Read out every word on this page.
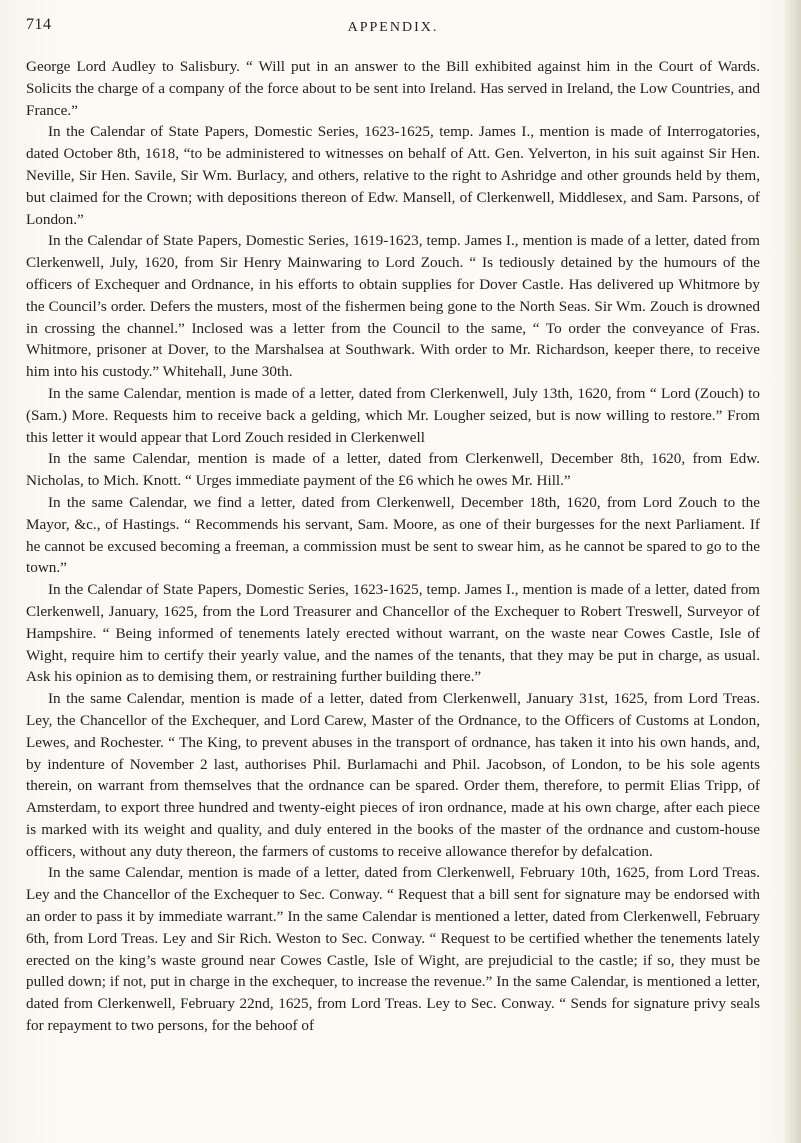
714	APPENDIX.

George Lord Audley to Salisbury. “ Will put in an answer to the Bill exhibited against him in the Court of Wards. Solicits the charge of a company of the force about to be sent into Ireland. Has served in Ireland, the Low Countries, and France.”

In the Calendar of State Papers, Domestic Series, 1623-1625, temp. James I., mention is made of Interrogatories, dated October 8th, 1618, “to be administered to witnesses on behalf of Att. Gen. Yelverton, in his suit against Sir Hen. Neville, Sir Hen. Savile, Sir Wm. Burlacy, and others, relative to the right to Ashridge and other grounds held by them, but claimed for the Crown; with depositions thereon of Edw. Mansell, of Clerkenwell, Middlesex, and Sam. Parsons, of London.”

In the Calendar of State Papers, Domestic Series, 1619-1623, temp. James I., mention is made of a letter, dated from Clerkenwell, July, 1620, from Sir Henry Mainwaring to Lord Zouch. “ Is tediously detained by the humours of the officers of Exchequer and Ordnance, in his efforts to obtain supplies for Dover Castle. Has delivered up Whitmore by the Council’s order. Defers the musters, most of the fishermen being gone to the North Seas. Sir Wm. Zouch is drowned in crossing the channel.” Inclosed was a letter from the Council to the same, “ To order the conveyance of Fras. Whitmore, prisoner at Dover, to the Marshalsea at Southwark. With order to Mr. Richardson, keeper there, to receive him into his custody.” Whitehall, June 30th.

In the same Calendar, mention is made of a letter, dated from Clerkenwell, July 13th, 1620, from “ Lord (Zouch) to (Sam.) More. Requests him to receive back a gelding, which Mr. Lougher seized, but is now willing to restore.” From this letter it would appear that Lord Zouch resided in Clerkenwell

In the same Calendar, mention is made of a letter, dated from Clerkenwell, December 8th, 1620, from Edw. Nicholas, to Mich. Knott. “ Urges immediate payment of the £6 which he owes Mr. Hill.”

In the same Calendar, we find a letter, dated from Clerkenwell, December 18th, 1620, from Lord Zouch to the Mayor, &c., of Hastings. “ Recommends his servant, Sam. Moore, as one of their burgesses for the next Parliament. If he cannot be excused becoming a freeman, a commission must be sent to swear him, as he cannot be spared to go to the town.”

In the Calendar of State Papers, Domestic Series, 1623-1625, temp. James I., mention is made of a letter, dated from Clerkenwell, January, 1625, from the Lord Treasurer and Chancellor of the Exchequer to Robert Treswell, Surveyor of Hampshire. “ Being informed of tenements lately erected without warrant, on the waste near Cowes Castle, Isle of Wight, require him to certify their yearly value, and the names of the tenants, that they may be put in charge, as usual. Ask his opinion as to demising them, or restraining further building there.”

In the same Calendar, mention is made of a letter, dated from Clerkenwell, January 31st, 1625, from Lord Treas. Ley, the Chancellor of the Exchequer, and Lord Carew, Master of the Ordnance, to the Officers of Customs at London, Lewes, and Rochester. “ The King, to prevent abuses in the transport of ordnance, has taken it into his own hands, and, by indenture of November 2 last, authorises Phil. Burlamachi and Phil. Jacobson, of London, to be his sole agents therein, on warrant from themselves that the ordnance can be spared. Order them, therefore, to permit Elias Tripp, of Amsterdam, to export three hundred and twenty-eight pieces of iron ordnance, made at his own charge, after each piece is marked with its weight and quality, and duly entered in the books of the master of the ordnance and custom-house officers, without any duty thereon, the farmers of customs to receive allowance therefor by defalcation.

In the same Calendar, mention is made of a letter, dated from Clerkenwell, February 10th, 1625, from Lord Treas. Ley and the Chancellor of the Exchequer to Sec. Conway. “ Request that a bill sent for signature may be endorsed with an order to pass it by immediate warrant.” In the same Calendar is mentioned a letter, dated from Clerkenwell, February 6th, from Lord Treas. Ley and Sir Rich. Weston to Sec. Conway. “ Request to be certified whether the tenements lately erected on the king’s waste ground near Cowes Castle, Isle of Wight, are prejudicial to the castle; if so, they must be pulled down; if not, put in charge in the exchequer, to increase the revenue.” In the same Calendar, is mentioned a letter, dated from Clerkenwell, February 22nd, 1625, from Lord Treas. Ley to Sec. Conway. “ Sends for signature privy seals for repayment to two persons, for the behoof of
